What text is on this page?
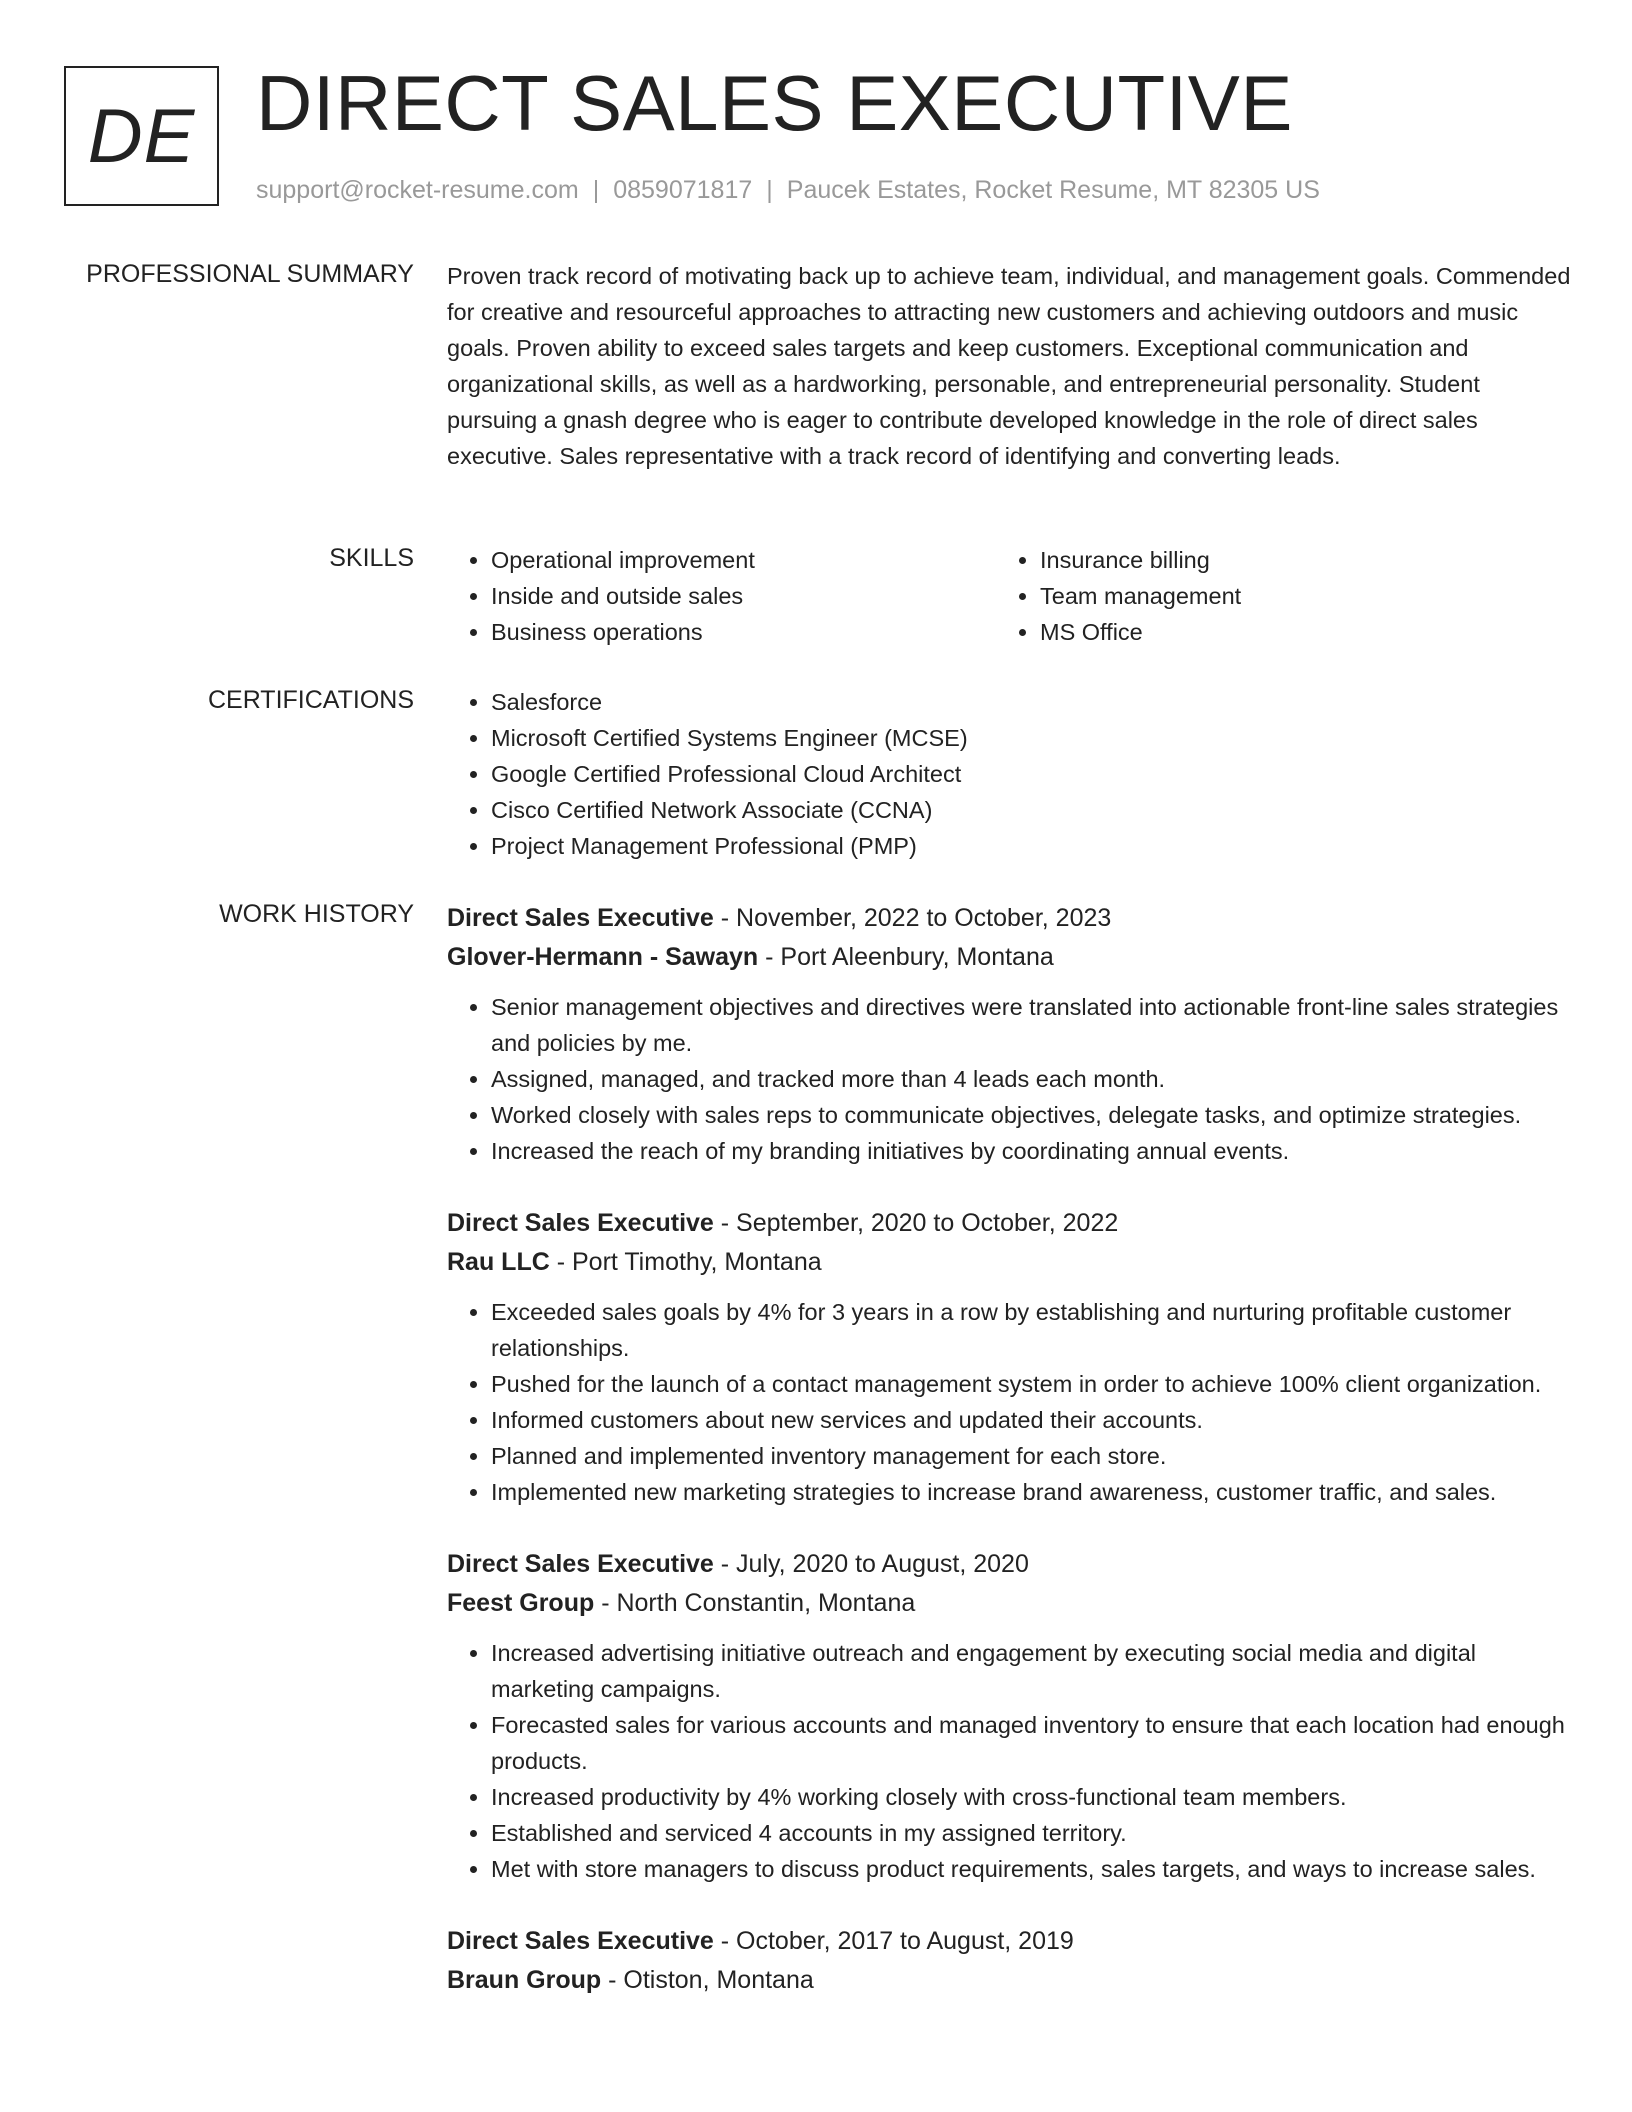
DE DIRECT SALES EXECUTIVE
support@rocket-resume.com | 0859071817 | Paucek Estates, Rocket Resume, MT 82305 US
PROFESSIONAL SUMMARY Proven track record of motivating back up to achieve team, individual, and management goals. Commended for creative and resourceful approaches to attracting new customers and achieving outdoors and music goals. Proven ability to exceed sales targets and keep customers. Exceptional communication and organizational skills, as well as a hardworking, personable, and entrepreneurial personality. Student pursuing a gnash degree who is eager to contribute developed knowledge in the role of direct sales executive. Sales representative with a track record of identifying and converting leads.

SKILLS	• Operational improvement
• Inside and outside sales
• Business operations
• Insurance billing
• Team management
• MS Office
CERTIFICATIONS	• Salesforce
• Microsoft Certified Systems Engineer (MCSE)
• Google Certified Professional Cloud Architect
• Cisco Certified Network Associate (CCNA)
• Project Management Professional (PMP)
WORK HISTORY Direct Sales Executive - November, 2022 to October, 2023
Glover-Hermann - Sawayn - Port Aleenbury, Montana
• Senior management objectives and directives were translated into actionable front-line sales strategies and policies by me.
• Assigned, managed, and tracked more than 4 leads each month.
• Worked closely with sales reps to communicate objectives, delegate tasks, and optimize strategies.
• Increased the reach of my branding initiatives by coordinating annual events.
Direct Sales Executive - September, 2020 to October, 2022
Rau LLC - Port Timothy, Montana
• Exceeded sales goals by 4% for 3 years in a row by establishing and nurturing profitable customer relationships.
• Pushed for the launch of a contact management system in order to achieve 100% client organization.
• Informed customers about new services and updated their accounts.
• Planned and implemented inventory management for each store.
• Implemented new marketing strategies to increase brand awareness, customer traffic, and sales.
Direct Sales Executive - July, 2020 to August, 2020
Feest Group - North Constantin, Montana
• Increased advertising initiative outreach and engagement by executing social media and digital marketing campaigns.
• Forecasted sales for various accounts and managed inventory to ensure that each location had enough products.
• Increased productivity by 4% working closely with cross-functional team members.
• Established and serviced 4 accounts in my assigned territory.
• Met with store managers to discuss product requirements, sales targets, and ways to increase sales.
Direct Sales Executive - October, 2017 to August, 2019
Braun Group - Otiston, Montana
